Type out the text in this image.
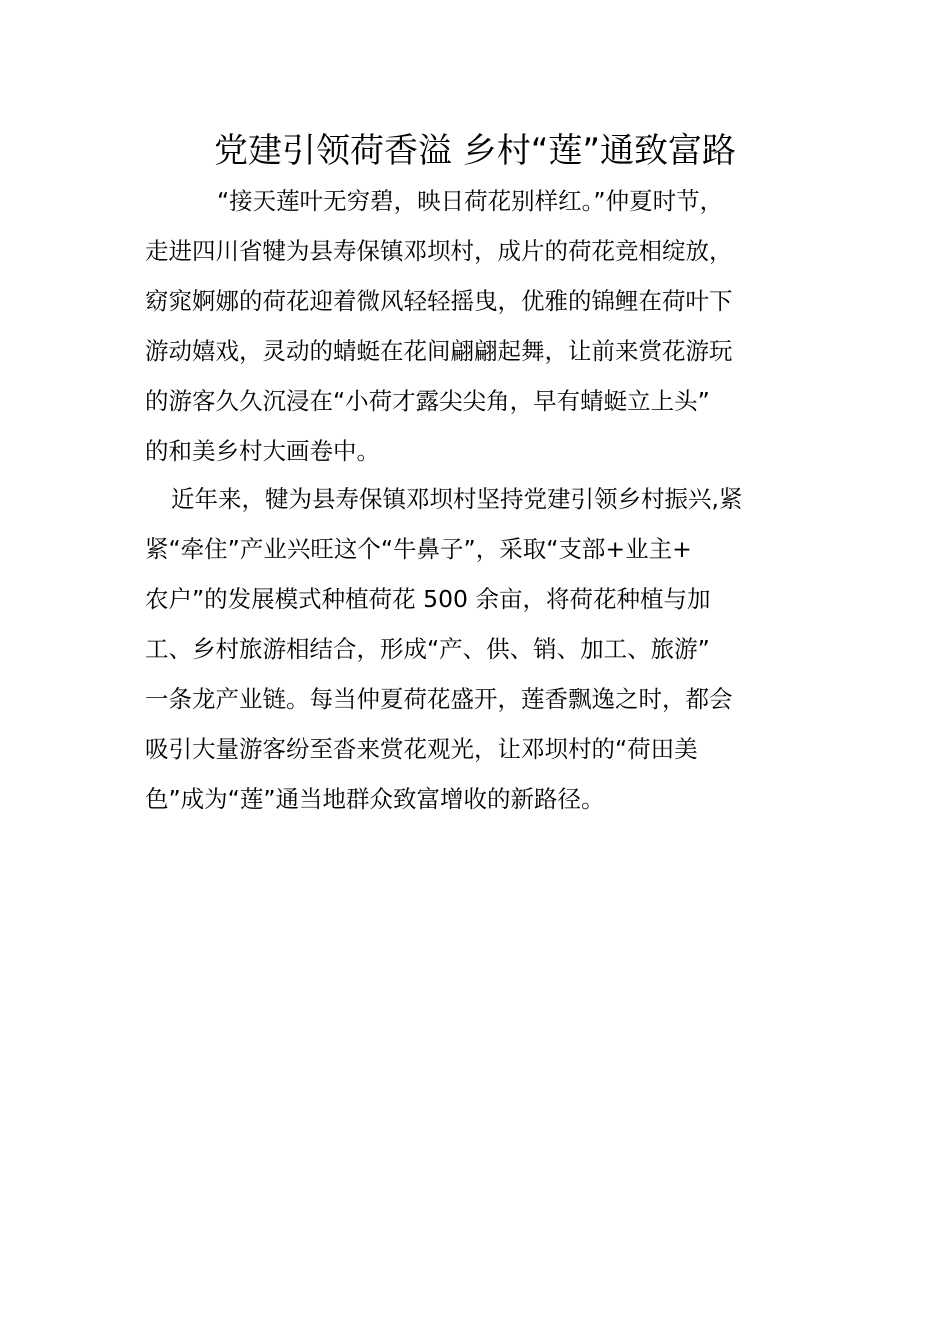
党建引领荷香溢 乡村“莲”通致富路
“接天莲叶无穷碧，映日荷花别样红。”仲夏时节，
走进四川省犍为县寿保镇邓坝村，成片的荷花竞相绽放，
窈窕婀娜的荷花迎着微风轻轻摇曳，优雅的锦鲤在荷叶下
游动嬉戏，灵动的蜻蜓在花间翩翩起舞，让前来赏花游玩
的游客久久沉浸在“小荷才露尖尖角，早有蜻蜓立上头”
的和美乡村大画卷中。
近年来，犍为县寿保镇邓坝村坚持党建引领乡村振兴,紧
紧“牵住”产业兴旺这个“牛鼻子”，采取“支部+业主+
农户”的发展模式种植荷花 500 余亩，将荷花种植与加
工、乡村旅游相结合，形成“产、供、销、加工、旅游”
一条龙产业链。每当仲夏荷花盛开，莲香飘逸之时，都会
吸引大量游客纷至沓来赏花观光，让邓坝村的“荷田美
色”成为“莲”通当地群众致富增收的新路径。
